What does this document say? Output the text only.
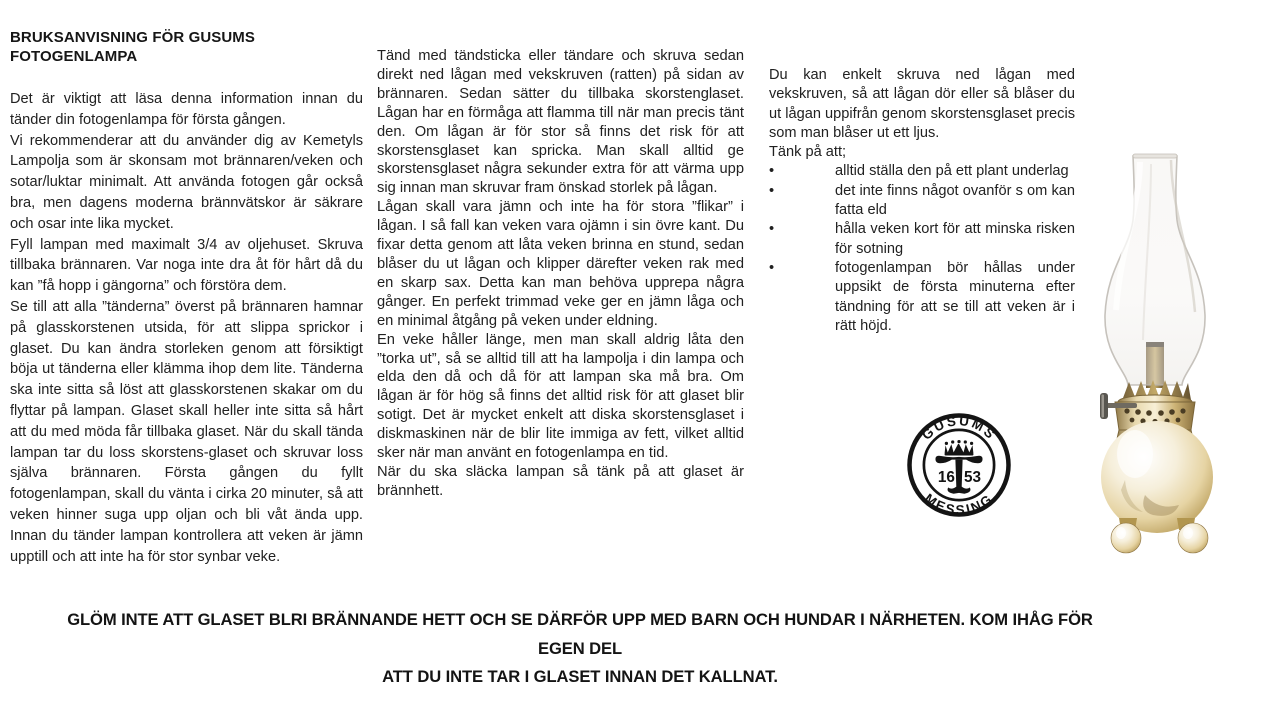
BRUKSANVISNING FÖR GUSUMS FOTOGENLAMPA

Det är viktigt att läsa denna information innan du tänder din fotogenlampa för första gången.

Vi rekommenderar att du använder dig av Kemetyls Lampolja som är skonsam mot brännaren/veken och sotar/luktar minimalt. Att använda fotogen går också bra, men dagens moderna brännvätskor är säkrare och osar inte lika mycket.

Fyll lampan med maximalt 3/4 av oljehuset. Skruva tillbaka brännaren. Var noga inte dra åt för hårt då du kan ”få hopp i gängorna” och förstöra dem.

Se till att alla ”tänderna” överst på brännaren hamnar på glasskorstenen utsida, för att slippa sprickor i glaset. Du kan ändra storleken genom att försiktigt böja ut tänderna eller klämma ihop dem lite. Tänderna ska inte sitta så löst att glasskorstenen skakar om du flyttar på lampan. Glaset skall heller inte sitta så hårt att du med möda får tillbaka glaset. När du skall tända lampan tar du loss skorstens-glaset och skruvar loss själva brännaren. Första gången du fyllt fotogenlampan, skall du vänta i cirka 20 minuter, så att veken hinner suga upp oljan och bli våt ända upp. Innan du tänder lampan kontrollera att veken är jämn upptill och att inte ha för stor synbar veke.

Tänd med tändsticka eller tändare och skruva sedan direkt ned lågan med vekskruven (ratten) på sidan av brännaren. Sedan sätter du tillbaka skorstenglaset. Lågan har en förmåga att flamma till när man precis tänt den. Om lågan är för stor så finns det risk för att skorstensglaset kan spricka. Man skall alltid ge skorstensglaset några sekunder extra för att värma upp sig innan man skruvar fram önskad storlek på lågan.

Lågan skall vara jämn och inte ha för stora ”flikar” i lågan. I så fall kan veken vara ojämn i sin övre kant. Du fixar detta genom att låta veken brinna en stund, sedan blåser du ut lågan och klipper därefter veken rak med en skarp sax. Detta kan man behöva upprepa några gånger. En perfekt trimmad veke ger en jämn låga och en minimal åtgång på veken under eldning.

En veke håller länge, men man skall aldrig låta den ”torka ut”, så se alltid till att ha lampolja i din lampa och elda den då och då för att lampan ska må bra. Om lågan är för hög så finns det alltid risk för att glaset blir sotigt. Det är mycket enkelt att diska skorstensglaset i diskmaskinen när de blir lite immiga av fett, vilket alltid sker när man använt en fotogenlampa en tid.

När du ska släcka lampan så tänk på att glaset är brännhett.

Du kan enkelt skruva ned lågan med vekskruven, så att lågan dör eller så blåser du ut lågan uppifrån genom skorstensglaset precis som man blåser ut ett ljus.

Tänk på att;

•	alltid ställa den på ett plant underlag
•	det inte finns något ovanför s om kan fatta eld
•	hålla veken kort för att minska risken för sotning
•	fotogenlampan bör hållas under uppsikt de första minuterna efter tändning för att se till att veken är i rätt höjd.
GUSUMS
MESSING
16 53
GLÖM INTE ATT GLASET BLRI BRÄNNANDE HETT OCH SE DÄRFÖR UPP MED BARN OCH HUNDAR I NÄRHETEN. KOM IHÅG FÖR EGEN DEL
ATT DU INTE TAR I GLASET INNAN DET KALLNAT.
